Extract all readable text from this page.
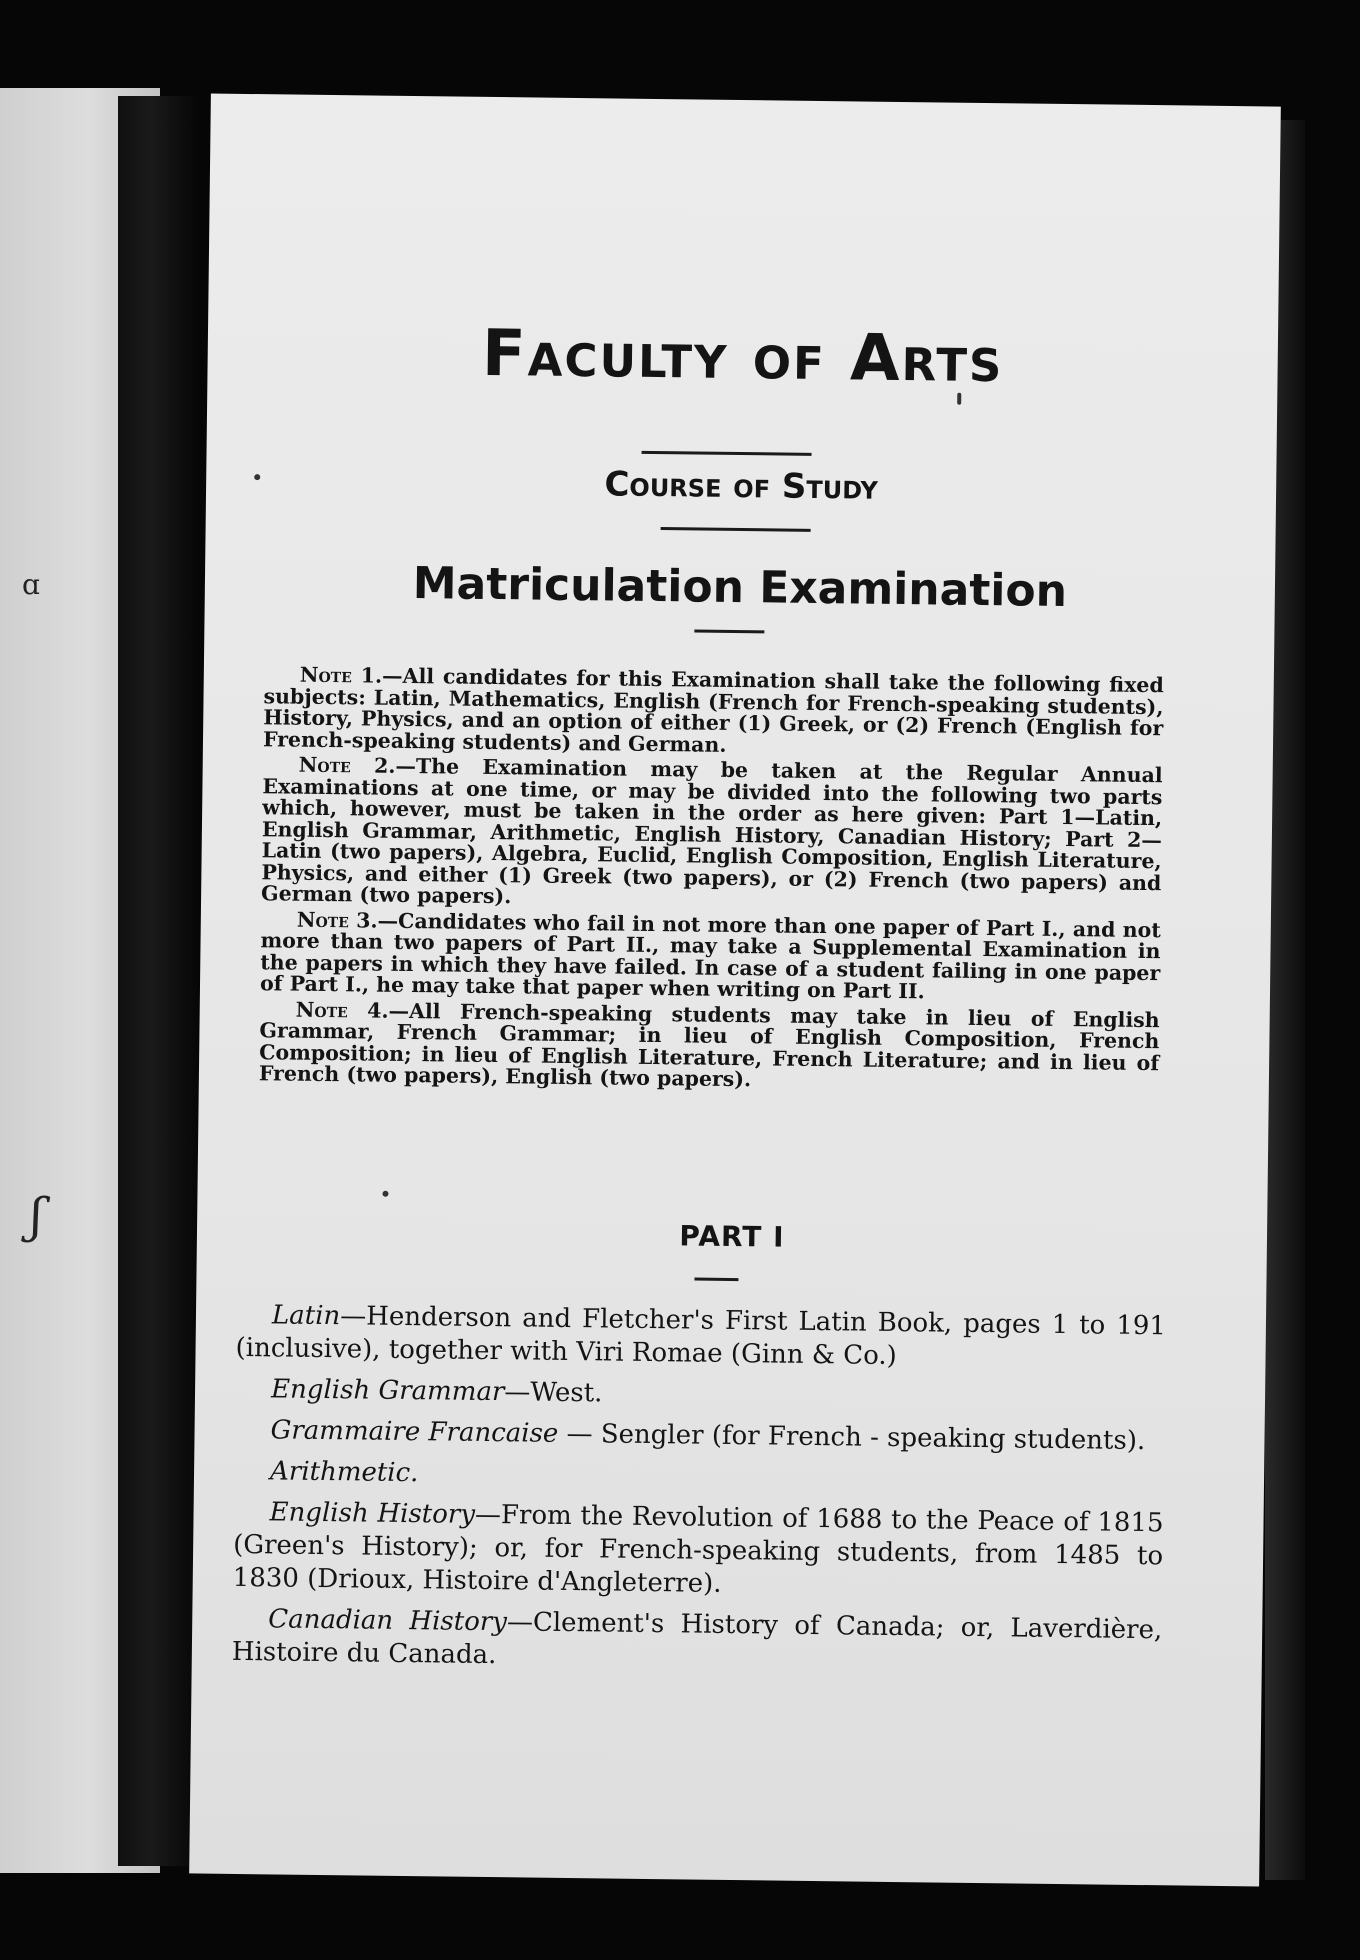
ɑ
ʃ
Faculty of Arts
Course of Study
Matriculation Examination

Note 1.—All candidates for this Examination shall take the following fixed subjects: Latin, Mathematics, English (French for French-speaking students), History, Physics, and an option of either (1) Greek, or (2) French (English for French-speaking students) and German.

Note 2.—The Examination may be taken at the Regular Annual Examinations at one time, or may be divided into the following two parts which, however, must be taken in the order as here given: Part 1—Latin, English Grammar, Arithmetic, English History, Canadian History; Part 2—Latin (two papers), Algebra, Euclid, English Composition, English Literature, Physics, and either (1) Greek (two papers), or (2) French (two papers) and German (two papers).

Note 3.—Candidates who fail in not more than one paper of Part I., and not more than two papers of Part II., may take a Supplemental Examination in the papers in which they have failed. In case of a student failing in one paper of Part I., he may take that paper when writing on Part II.

Note 4.—All French-speaking students may take in lieu of English Grammar, French Grammar; in lieu of English Composition, French Composition; in lieu of English Literature, French Literature; and in lieu of French (two papers), English (two papers).

PART I

Latin—Henderson and Fletcher's First Latin Book, pages 1 to 191 (inclusive), together with Viri Romae (Ginn & Co.)

English Grammar—West.

Grammaire Francaise — Sengler (for French - speaking students).

Arithmetic.

English History—From the Revolution of 1688 to the Peace of 1815 (Green's History); or, for French-speaking students, from 1485 to 1830 (Drioux, Histoire d'Angleterre).

Canadian History—Clement's History of Canada; or, Laverdière, Histoire du Canada.
